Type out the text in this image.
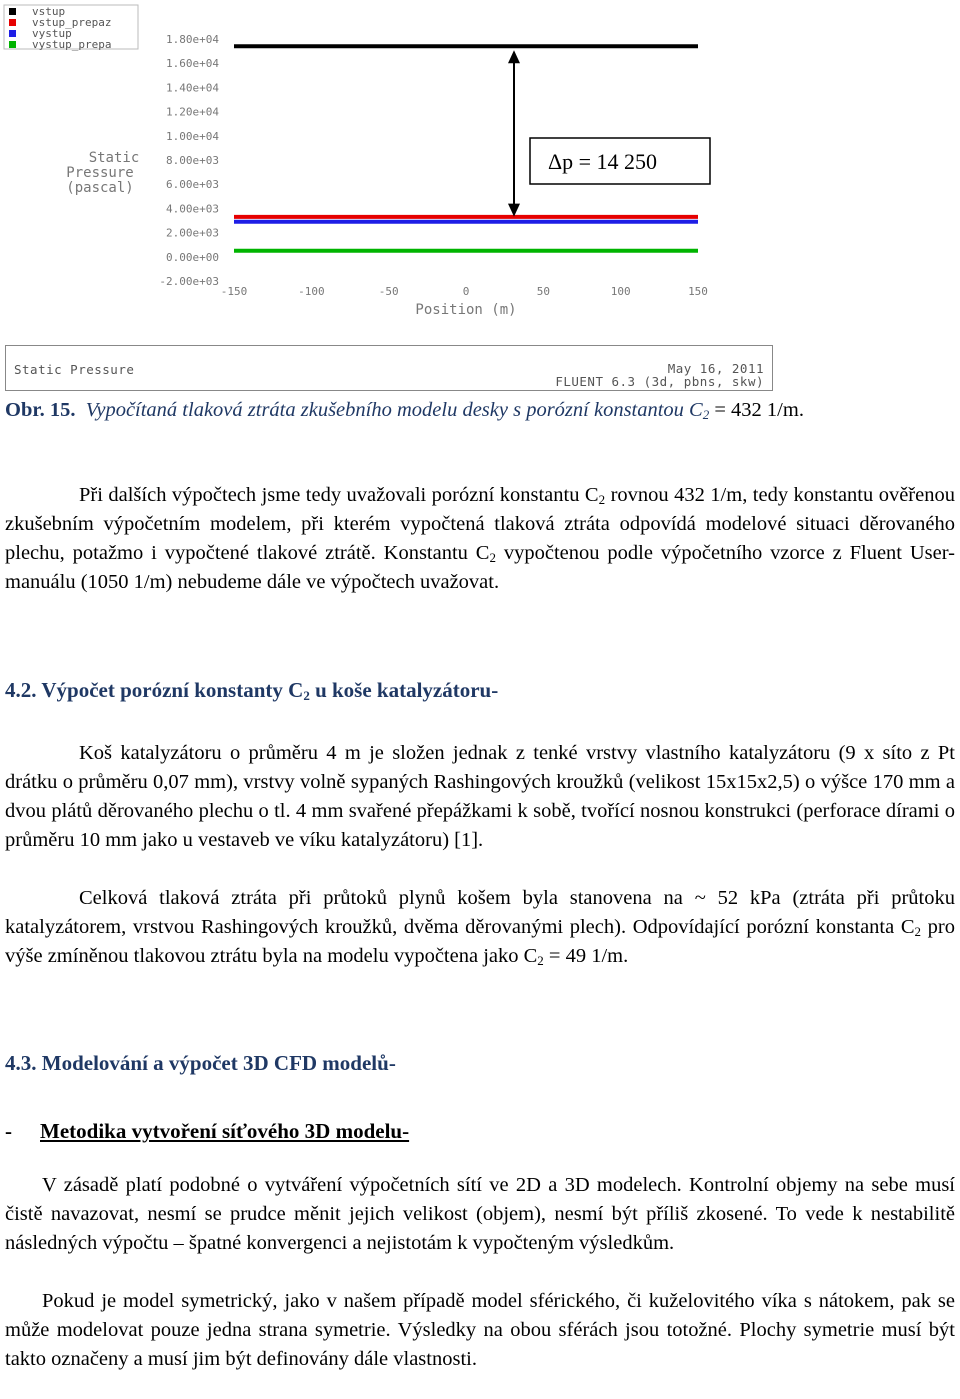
vstup
vstup_prepaz
vystup
vystup_prepa
Static
Pressure
(pascal)
1.80e+04
1.60e+04
1.40e+04
1.20e+04
1.00e+04
8.00e+03
6.00e+03
4.00e+03
2.00e+03
0.00e+00
-2.00e+03
-150	-100	-50	0	50	100	150
Position (m)
Δp = 14 250
Static Pressure	May 16, 2011
FLUENT 6.3 (3d, pbns, skw)
Obr. 15. Vypočítaná tlaková ztráta zkušebního modelu desky s porózní konstantou $C_2 = 432$ 1/m.
Při dalších výpočtech jsme tedy uvažovali porózní konstantu $C_2$ rovnou 432 1/m, tedy konstantu ověřenou zkušebním výpočetním modelem, při kterém vypočtená tlaková ztráta odpovídá modelové situaci děrovaného plechu, potažmo i vypočtené tlakové ztrátě. Konstantu $C_2$ vypočtenou podle výpočetního vzorce z Fluent User-manuálu (1050 1/m) nebudeme dále ve výpočtech uvažovat.
4.2. Výpočet porózní konstanty $C_2$ u koše katalyzátoru-
Koš katalyzátoru o průměru 4 m je složen jednak z tenké vrstvy vlastního katalyzátoru (9 x síto z Pt drátku o průměru 0,07 mm), vrstvy volně sypaných Rashingových kroužků (velikost 15x15x2,5) o výšce 170 mm a dvou plátů děrovaného plechu o tl. 4 mm svařené přepážkami k sobě, tvořící nosnou konstrukci (perforace dírami o průměru 10 mm jako u vestaveb ve víku katalyzátoru) [1].
Celková tlaková ztráta při průtoků plynů košem byla stanovena na ~ 52 kPa (ztráta při průtoku katalyzátorem, vrstvou Rashingových kroužků, dvěma děrovanými plech). Odpovídající porózní konstanta $C_2$ pro výše zmíněnou tlakovou ztrátu byla na modelu vypočtena jako $C_2 = 49$ 1/m.
4.3. Modelování a výpočet 3D CFD modelů-
- Metodika vytvoření síťového 3D modelu-
V zásadě platí podobné o vytváření výpočetních sítí ve 2D a 3D modelech. Kontrolní objemy na sebe musí čistě navazovat, nesmí se prudce měnit jejich velikost (objem), nesmí být příliš zkosené. To vede k nestabilitě následných výpočtu – špatné konvergenci a nejistotám k vypočteným výsledkům.
Pokud je model symetrický, jako v našem případě model sférického, či kuželovitého víka s nátokem, pak se může modelovat pouze jedna strana symetrie. Výsledky na obou sférách jsou totožné. Plochy symetrie musí být takto označeny a musí jim být definovány dále vlastnosti.
